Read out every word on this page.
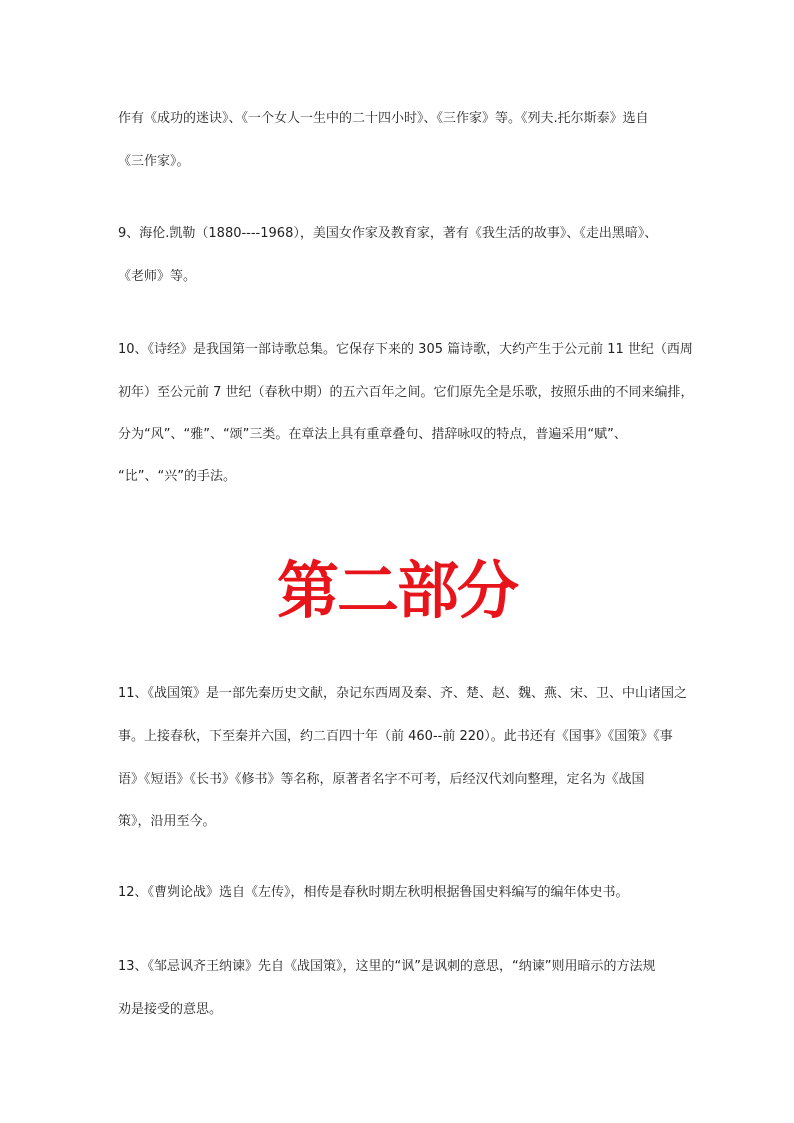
作有《成功的迷诀》、《一个女人一生中的二十四小时》、《三作家》等。《列夫.托尔斯泰》选自
《三作家》。
9、海伦.凯勒（1880----1968），美国女作家及教育家，著有《我生活的故事》、《走出黑暗》、
《老师》等。
10、《诗经》是我国第一部诗歌总集。它保存下来的 305 篇诗歌，大约产生于公元前 11 世纪（西周
初年）至公元前 7 世纪（春秋中期）的五六百年之间。它们原先全是乐歌，按照乐曲的不同来编排，
分为“风”、“雅”、“颂”三类。在章法上具有重章叠句、措辞咏叹的特点，普遍采用“赋”、
“比”、“兴”的手法。
第二部分
11、《战国策》是一部先秦历史文献，杂记东西周及秦、齐、楚、赵、魏、燕、宋、卫、中山诸国之
事。上接春秋，下至秦并六国，约二百四十年（前 460--前 220）。此书还有《国事》《国策》《事
语》《短语》《长书》《修书》等名称，原著者名字不可考，后经汉代刘向整理，定名为《战国
策》，沿用至今。
12、《曹刿论战》选自《左传》，相传是春秋时期左秋明根据鲁国史料编写的编年体史书。
13、《邹忌讽齐王纳谏》先自《战国策》，这里的“讽”是讽刺的意思，“纳谏”则用暗示的方法规
劝是接受的意思。
